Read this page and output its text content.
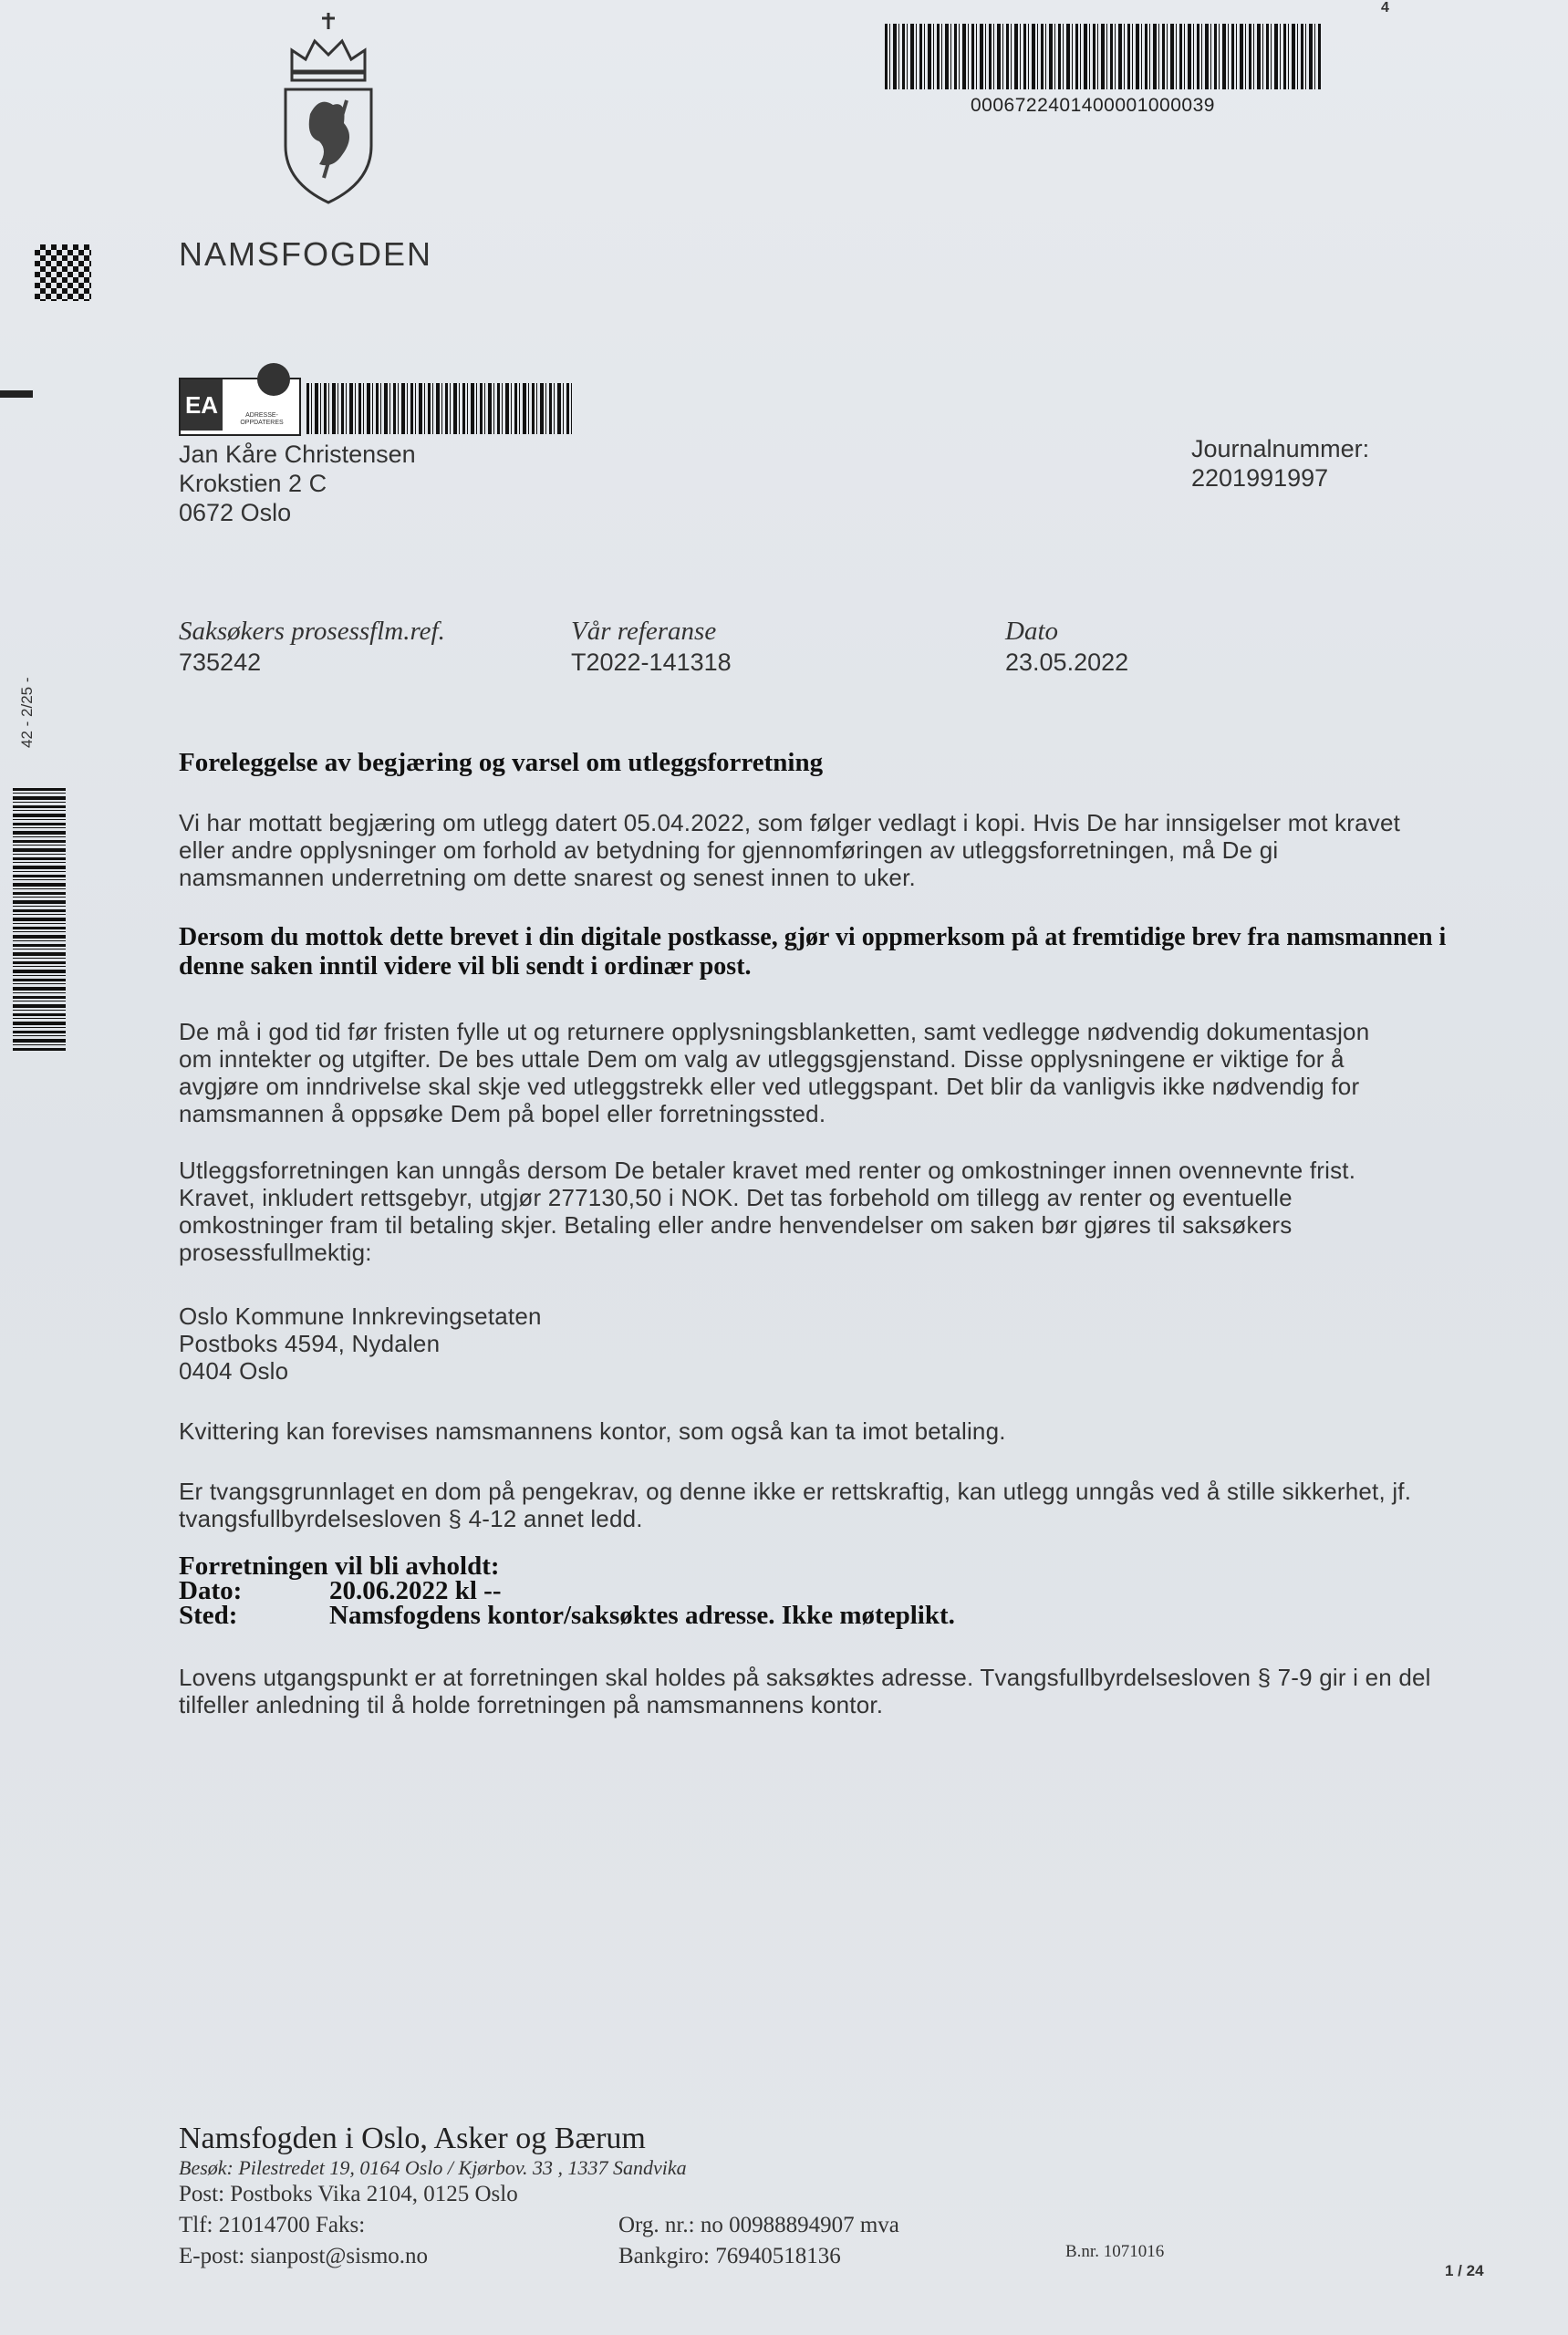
4
000672240140000100003​9
NAMSFOGDEN
EA	ADRESSE-OPPDATERES
Jan Kåre Christensen
Krokstien 2 C
0672 Oslo
Journalnummer:
2201991997
Saksøkers prosessflm.ref.
735242
Vår referanse
T2022-141318
Dato
23.05.2022
42 - 2/25 -
Foreleggelse av begjæring og varsel om utleggsforretning
Vi har mottatt begjæring om utlegg datert 05.04.2022, som følger vedlagt i kopi. Hvis De har innsigelser mot kravet
eller andre opplysninger om forhold av betydning for gjennomføringen av utleggsforretningen, må De gi
namsmannen underretning om dette snarest og senest innen to uker.
Dersom du mottok dette brevet i din digitale postkasse, gjør vi oppmerksom på at fremtidige brev fra namsmannen i
denne saken inntil videre vil bli sendt i ordinær post.
De må i god tid før fristen fylle ut og returnere opplysningsblanketten, samt vedlegge nødvendig dokumentasjon
om inntekter og utgifter. De bes uttale Dem om valg av utleggsgjenstand. Disse opplysningene er viktige for å
avgjøre om inndrivelse skal skje ved utleggstrekk eller ved utleggspant. Det blir da vanligvis ikke nødvendig for
namsmannen å oppsøke Dem på bopel eller forretningssted.
Utleggsforretningen kan unngås dersom De betaler kravet med renter og omkostninger innen ovennevnte frist.
Kravet, inkludert rettsgebyr, utgjør 277130,50 i NOK. Det tas forbehold om tillegg av renter og eventuelle
omkostninger fram til betaling skjer. Betaling eller andre henvendelser om saken bør gjøres til saksøkers
prosessfullmektig:
Oslo Kommune Innkrevingsetaten
Postboks 4594, Nydalen
0404 Oslo
Kvittering kan forevises namsmannens kontor, som også kan ta imot betaling.
Er tvangsgrunnlaget en dom på pengekrav, og denne ikke er rettskraftig, kan utlegg unngås ved å stille sikkerhet, jf.
tvangsfullbyrdelsesloven § 4-12 annet ledd.
Forretningen vil bli avholdt:
Dato:	20.06.2022 kl --
Sted:	Namsfogdens kontor/saksøktes adresse. Ikke møteplikt.
Lovens utgangspunkt er at forretningen skal holdes på saksøktes adresse. Tvangsfullbyrdelsesloven § 7-9 gir i en del
tilfeller anledning til å holde forretningen på namsmannens kontor.
Namsfogden i Oslo, Asker og Bærum
Besøk: Pilestredet 19, 0164 Oslo / Kjørbov. 33 , 1337 Sandvika
Post: Postboks Vika 2104, 0125 Oslo
Tlf: 21014700 Faks:
E-post: sianpost@sismo.no
Org. nr.: no 00988894907 mva
Bankgiro: 76940518136	B.nr. 1071016
1 / 24
